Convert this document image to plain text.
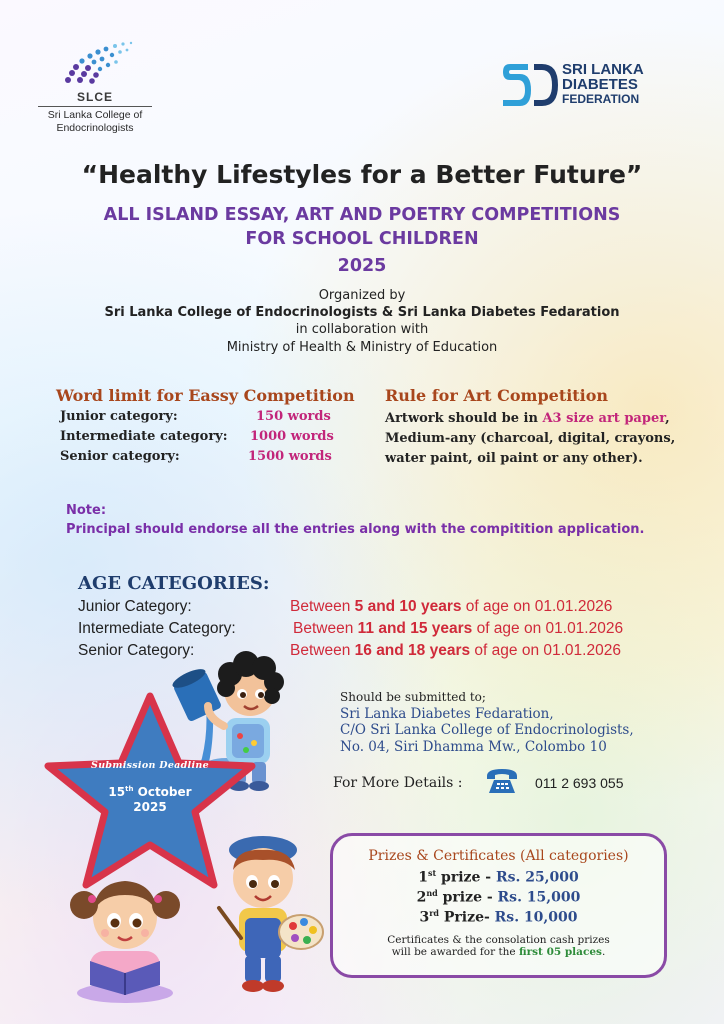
SLCE
Sri Lanka College of
Endocrinologists
SRI LANKA
DIABETES
FEDERATION
“Healthy Lifestyles for a Better Future”
ALL ISLAND ESSAY, ART AND POETRY COMPETITIONS
FOR SCHOOL CHILDREN
2025
Organized by
Sri Lanka College of Endocrinologists & Sri Lanka Diabetes Fedaration
in collaboration with
Ministry of Health & Ministry of Education
Word limit for Eassy Competition
Junior category:	150 words
Intermediate category: 1000 words
Senior category:	1500 words
Rule for Art Competition
Artwork should be in A3 size art paper,
Medium-any (charcoal, digital, crayons,
water paint, oil paint or any other).
Note:
Principal should endorse all the entries along with the compitition application.
AGE CATEGORIES:
Junior Category:	Between 5 and 10 years of age on 01.01.2026
Intermediate Category:	Between 11 and 15 years of age on 01.01.2026
Senior Category:	Between 16 and 18 years of age on 01.01.2026
Should be submitted to;
Sri Lanka Diabetes Fedaration,
C/O Sri Lanka College of Endocrinologists,
No. 04, Siri Dhamma Mw., Colombo 10
For More Details :	011 2 693 055
Submission Deadline
15th October
2025
Prizes & Certificates (All categories)
1st prize - Rs. 25,000
2nd prize - Rs. 15,000
3rd Prize- Rs. 10,000
Certificates & the consolation cash prizes
will be awarded for the first 05 places.
